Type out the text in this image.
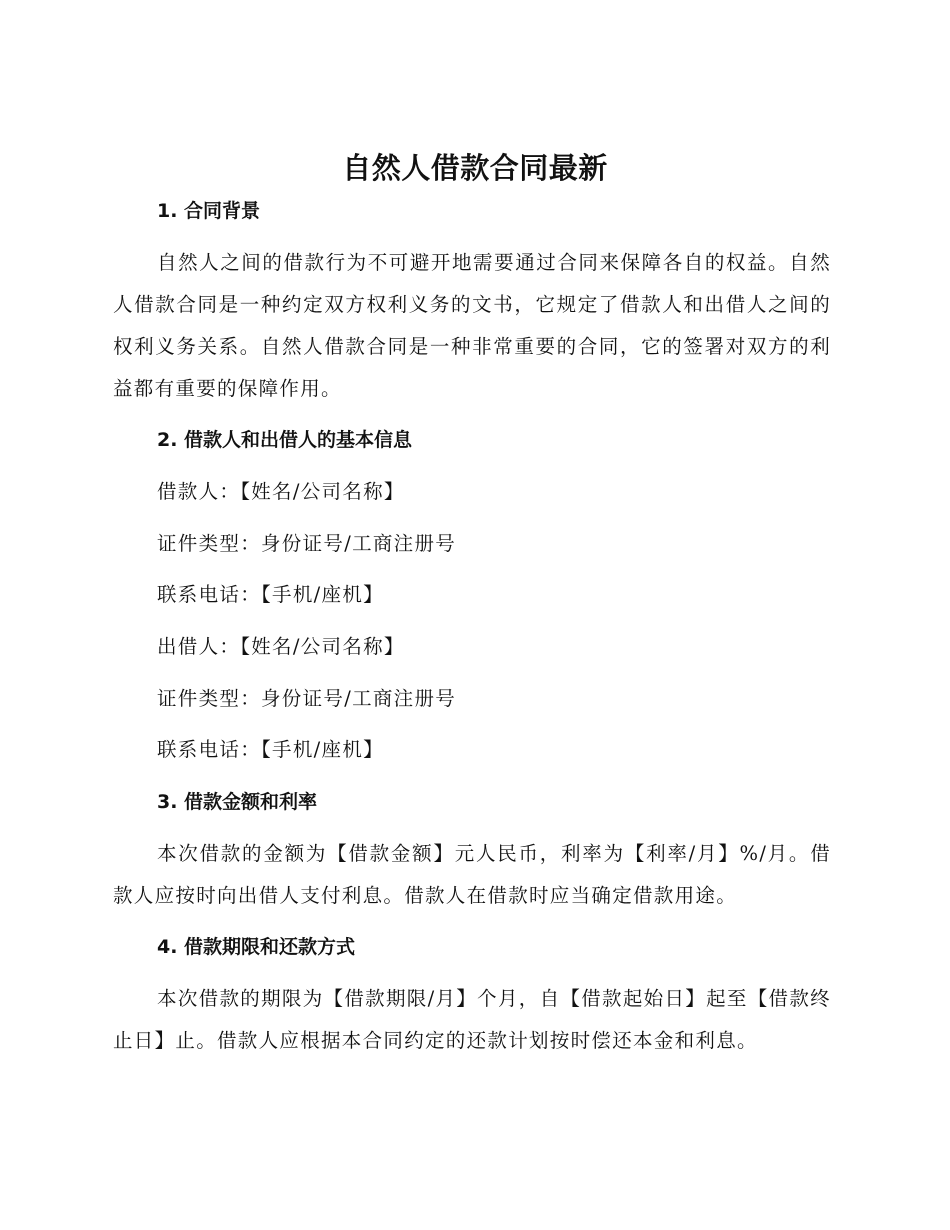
自然人借款合同最新
1. 合同背景

自然人之间的借款行为不可避开地需要通过合同来保障各自的权益。自然人借款合同是一种约定双方权利义务的文书，它规定了借款人和出借人之间的权利义务关系。自然人借款合同是一种非常重要的合同，它的签署对双方的利益都有重要的保障作用。

2. 借款人和出借人的基本信息

借款人：【姓名/公司名称】

证件类型：身份证号/工商注册号

联系电话：【手机/座机】

出借人：【姓名/公司名称】

证件类型：身份证号/工商注册号

联系电话：【手机/座机】

3. 借款金额和利率

本次借款的金额为【借款金额】元人民币，利率为【利率/月】%/月。借款人应按时向出借人支付利息。借款人在借款时应当确定借款用途。

4. 借款期限和还款方式

本次借款的期限为【借款期限/月】个月，自【借款起始日】起至【借款终止日】止。借款人应根据本合同约定的还款计划按时偿还本金和利息。
